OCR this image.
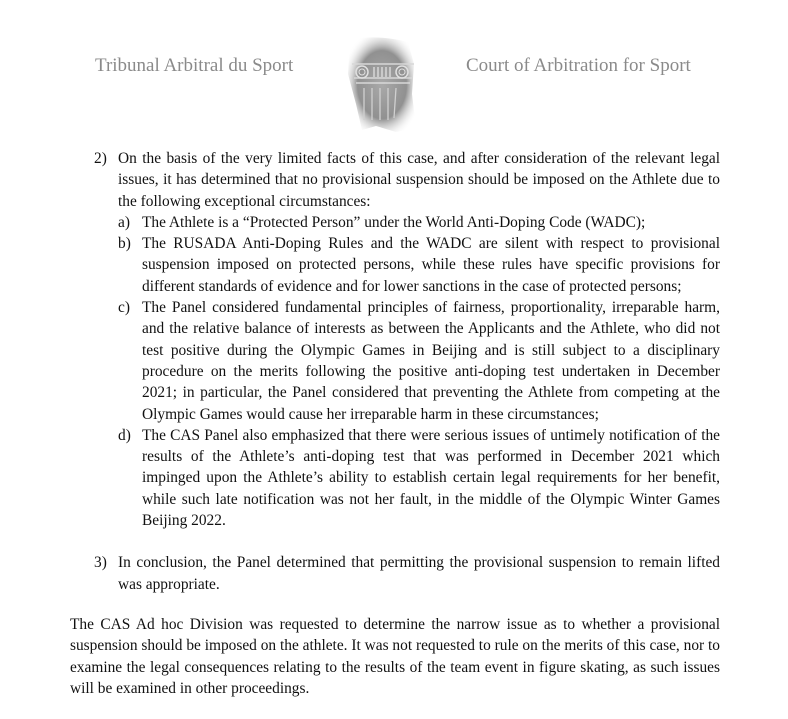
Tribunal Arbitral du Sport	Court of Arbitration for Sport
2) On the basis of the very limited facts of this case, and after consideration of the relevant legal issues, it has determined that no provisional suspension should be imposed on the Athlete due to the following exceptional circumstances:
a) The Athlete is a “Protected Person” under the World Anti-Doping Code (WADC);
b) The RUSADA Anti-Doping Rules and the WADC are silent with respect to provisional suspension imposed on protected persons, while these rules have specific provisions for different standards of evidence and for lower sanctions in the case of protected persons;
c) The Panel considered fundamental principles of fairness, proportionality, irreparable harm, and the relative balance of interests as between the Applicants and the Athlete, who did not test positive during the Olympic Games in Beijing and is still subject to a disciplinary procedure on the merits following the positive anti-doping test undertaken in December 2021; in particular, the Panel considered that preventing the Athlete from competing at the Olympic Games would cause her irreparable harm in these circumstances;
d) The CAS Panel also emphasized that there were serious issues of untimely notification of the results of the Athlete’s anti-doping test that was performed in December 2021 which impinged upon the Athlete’s ability to establish certain legal requirements for her benefit, while such late notification was not her fault, in the middle of the Olympic Winter Games Beijing 2022.
3) In conclusion, the Panel determined that permitting the provisional suspension to remain lifted was appropriate.
The CAS Ad hoc Division was requested to determine the narrow issue as to whether a provisional suspension should be imposed on the athlete. It was not requested to rule on the merits of this case, nor to examine the legal consequences relating to the results of the team event in figure skating, as such issues will be examined in other proceedings.
